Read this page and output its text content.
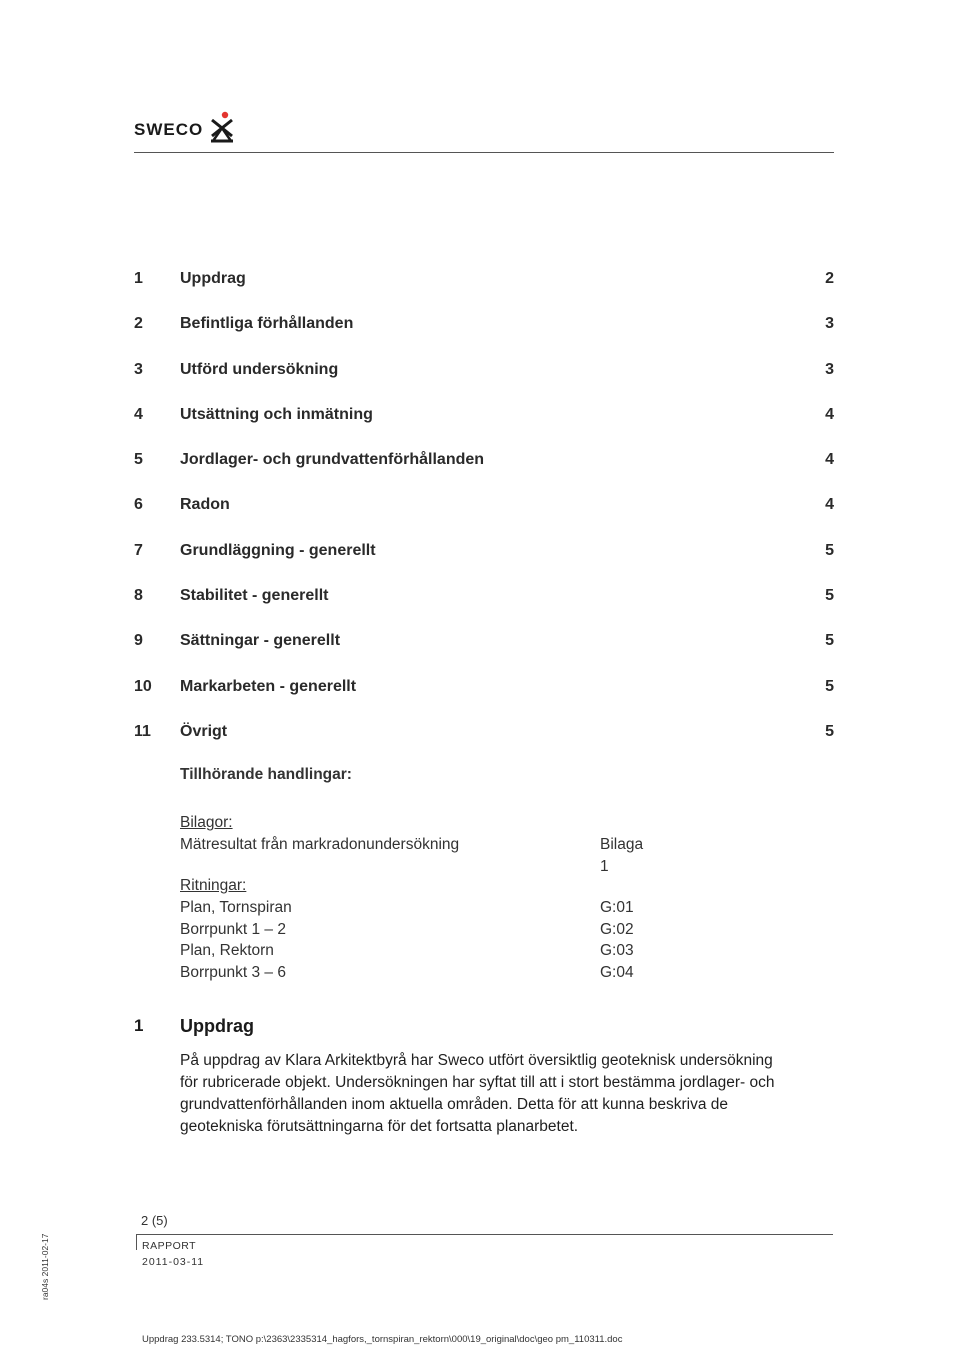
SWECO
1 Uppdrag	2
2 Befintliga förhållanden	3
3 Utförd undersökning	3
4 Utsättning och inmätning	4
5 Jordlager- och grundvattenförhållanden	4
6 Radon	4
7 Grundläggning - generellt	5
8 Stabilitet - generellt	5
9 Sättningar - generellt	5
10 Markarbeten - generellt	5
11 Övrigt	5
Tillhörande handlingar:
Bilagor:
Mätresultat från markradonundersökning	Bilaga 1
Ritningar:
Plan, Tornspiran	G:01
Borrpunkt 1 – 2	G:02
Plan, Rektorn	G:03
Borrpunkt 3 – 6	G:04
1 Uppdrag
På uppdrag av Klara Arkitektbyrå har Sweco utfört översiktlig geoteknisk undersökning
för rubricerade objekt. Undersökningen har syftat till att i stort bestämma jordlager- och
grundvattenförhållanden inom aktuella områden. Detta för att kunna beskriva de
geotekniska förutsättningarna för det fortsatta planarbetet.
2 (5)
RAPPORT
2011-03-11
ra04s 2011-02-17
Uppdrag 233.5314; TONO p:\2363\2335314_hagfors,_tornspiran_rektorn\000\19_original\doc\geo pm_110311.doc
